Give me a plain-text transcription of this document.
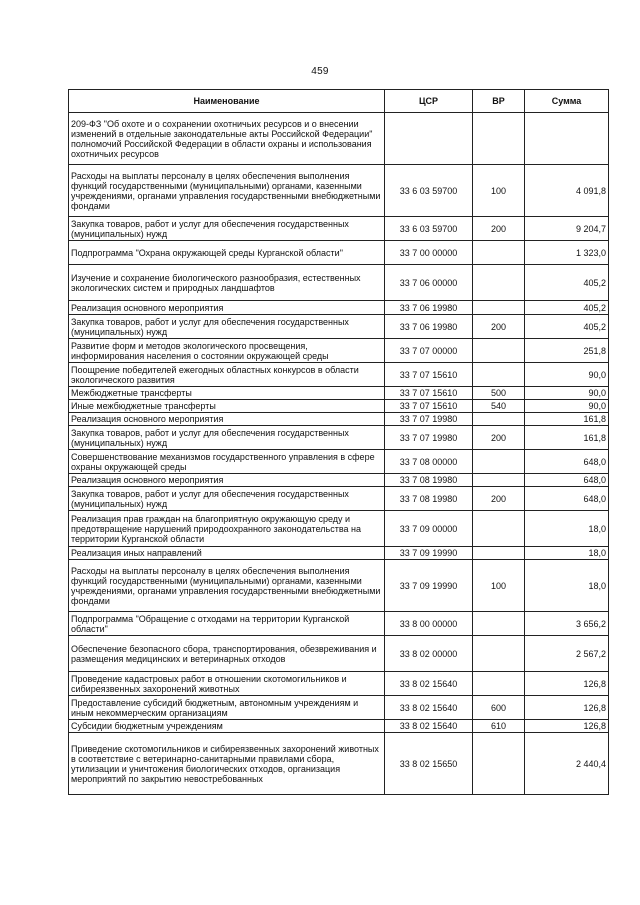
459
Наименование	ЦСР	ВР	Сумма
209-ФЗ "Об охоте и о сохранении охотничьих ресурсов и о внесении изменений в отдельные законодательные акты Российской Федерации" полномочий Российской Федерации в области охраны и использования охотничьих ресурсов			
Расходы на выплаты персоналу в целях обеспечения выполнения функций государственными (муниципальными) органами, казенными учреждениями, органами управления государственными внебюджетными фондами	33 6 03 59700	100	4 091,8
Закупка товаров, работ и услуг для обеспечения государственных (муниципальных) нужд	33 6 03 59700	200	9 204,7
Подпрограмма "Охрана окружающей среды Курганской области"	33 7 00 00000		1 323,0
Изучение и сохранение биологического разнообразия, естественных экологических систем и природных ландшафтов	33 7 06 00000		405,2
Реализация основного мероприятия	33 7 06 19980		405,2
Закупка товаров, работ и услуг для обеспечения государственных (муниципальных) нужд	33 7 06 19980	200	405,2
Развитие форм и методов экологического просвещения, информирования населения о состоянии окружающей среды	33 7 07 00000		251,8
Поощрение победителей ежегодных областных конкурсов в области экологического развития	33 7 07 15610		90,0
Межбюджетные трансферты	33 7 07 15610	500	90,0
Иные межбюджетные трансферты	33 7 07 15610	540	90,0
Реализация основного мероприятия	33 7 07 19980		161,8
Закупка товаров, работ и услуг для обеспечения государственных (муниципальных) нужд	33 7 07 19980	200	161,8
Совершенствование механизмов государственного управления в сфере охраны окружающей среды	33 7 08 00000		648,0
Реализация основного мероприятия	33 7 08 19980		648,0
Закупка товаров, работ и услуг для обеспечения государственных (муниципальных) нужд	33 7 08 19980	200	648,0
Реализация прав граждан на благоприятную окружающую среду и предотвращение нарушений природоохранного законодательства на территории Курганской области	33 7 09 00000		18,0
Реализация иных направлений	33 7 09 19990		18,0
Расходы на выплаты персоналу в целях обеспечения выполнения функций государственными (муниципальными) органами, казенными учреждениями, органами управления государственными внебюджетными фондами	33 7 09 19990	100	18,0
Подпрограмма "Обращение с отходами на территории Курганской области"	33 8 00 00000		3 656,2
Обеспечение безопасного сбора, транспортирования, обезвреживания и размещения медицинских и ветеринарных отходов	33 8 02 00000		2 567,2
Проведение кадастровых работ в отношении скотомогильников и сибиреязвенных захоронений животных	33 8 02 15640		126,8
Предоставление субсидий бюджетным, автономным учреждениям и иным некоммерческим организациям	33 8 02 15640	600	126,8
Субсидии бюджетным учреждениям	33 8 02 15640	610	126,8
Приведение скотомогильников и сибиреязвенных захоронений животных в соответствие с ветеринарно-санитарными правилами сбора, утилизации и уничтожения биологических отходов, организация мероприятий по закрытию невостребованных	33 8 02 15650		2 440,4
